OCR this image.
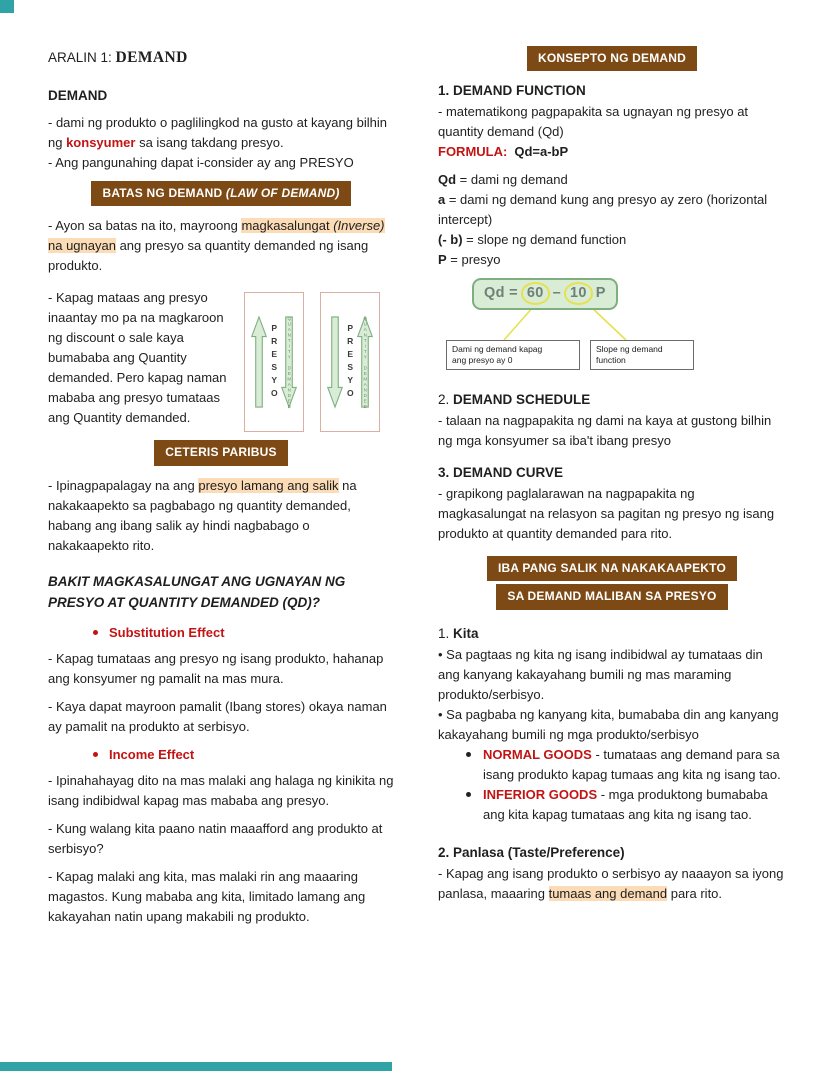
ARALIN 1: DEMAND
DEMAND

- dami ng produkto o paglilingkod na gusto at kayang bilhin ng konsyumer sa isang takdang presyo.

- Ang pangunahing dapat i-consider ay ang PRESYO

BATAS NG DEMAND (LAW OF DEMAND)

- Ayon sa batas na ito, mayroong magkasalungat (Inverse) na ugnayan ang presyo sa quantity demanded ng isang produkto.

- Kapag mataas ang presyo inaantay mo pa na magkaroon ng discount o sale kaya bumababa ang Quantity demanded. Pero kapag naman mababa ang presyo tumataas ang Quantity demanded.

PRESYO QUANTITY DEMANDED	PRESYO QUANTITY DEMANDED
CETERIS PARIBUS

- Ipinagpapalagay na ang presyo lamang ang salik na nakakaapekto sa pagbabago ng quantity demanded, habang ang ibang salik ay hindi nagbabago o nakakaapekto rito.

BAKIT MAGKASALUNGAT ANG UGNAYAN NG PRESYO AT QUANTITY DEMANDED (QD)?
Substitution Effect

- Kapag tumataas ang presyo ng isang produkto, hahanap ang konsyumer ng pamalit na mas mura.

- Kaya dapat mayroon pamalit (Ibang stores) okaya naman ay pamalit na produkto at serbisyo.

Income Effect

- Ipinahahayag dito na mas malaki ang halaga ng kinikita ng isang indibidwal kapag mas mababa ang presyo.

- Kung walang kita paano natin maaafford ang produkto at serbisyo?

- Kapag malaki ang kita, mas malaki rin ang maaaring magastos. Kung mababa ang kita, limitado lamang ang kakayahan natin upang makabili ng produkto.

KONSEPTO NG DEMAND
1. DEMAND FUNCTION

- matematikong pagpapakita sa ugnayan ng presyo at quantity demand (Qd)

FORMULA: Qd=a-bP

Qd = dami ng demand

a = dami ng demand kung ang presyo ay zero (horizontal intercept)

(- b) = slope ng demand function

P = presyo

Qd = 60 – 10 P
Dami ng demand kapag
ang presyo ay 0
Slope ng demand
function
2. DEMAND SCHEDULE

- talaan na nagpapakita ng dami na kaya at gustong bilhin ng mga konsyumer sa iba't ibang presyo

3. DEMAND CURVE

- grapikong paglalarawan na nagpapakita ng magkasalungat na relasyon sa pagitan ng presyo ng isang produkto at quantity demanded para rito.

IBA PANG SALIK NA NAKAKAAPEKTO
SA DEMAND MALIBAN SA PRESYO
1. Kita

• Sa pagtaas ng kita ng isang indibidwal ay tumataas din ang kanyang kakayahang bumili ng mas maraming produkto/serbisyo.

• Sa pagbaba ng kanyang kita, bumababa din ang kanyang kakayahang bumili ng mga produkto/serbisyo

NORMAL GOODS - tumataas ang demand para sa isang produkto kapag tumaas ang kita ng isang tao.

INFERIOR GOODS - mga produktong bumababa ang kita kapag tumataas ang kita ng isang tao.

2. Panlasa (Taste/Preference)

- Kapag ang isang produkto o serbisyo ay naaayon sa iyong panlasa, maaaring tumaas ang demand para rito.
